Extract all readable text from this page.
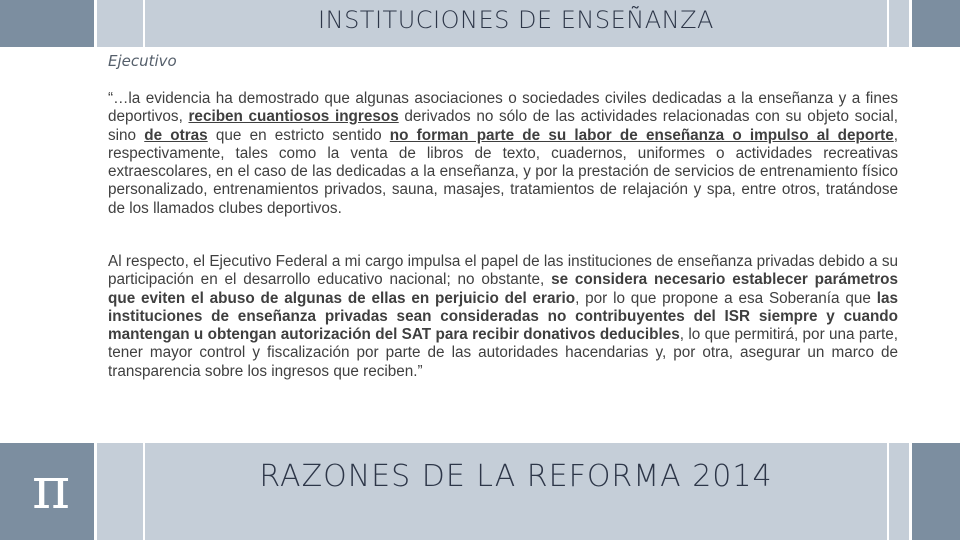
INSTITUCIONES DE ENSEÑANZA
Ejecutivo

“…la evidencia ha demostrado que algunas asociaciones o sociedades civiles dedicadas a la enseñanza y a fines deportivos, reciben cuantiosos ingresos derivados no sólo de las actividades relacionadas con su objeto social, sino de otras que en estricto sentido no forman parte de su labor de enseñanza o impulso al deporte, respectivamente, tales como la venta de libros de texto, cuadernos, uniformes o actividades recreativas extraescolares, en el caso de las dedicadas a la enseñanza, y por la prestación de servicios de entrenamiento físico personalizado, entrenamientos privados, sauna, masajes, tratamientos de relajación y spa, entre otros, tratándose de los llamados clubes deportivos.

Al respecto, el Ejecutivo Federal a mi cargo impulsa el papel de las instituciones de enseñanza privadas debido a su participación en el desarrollo educativo nacional; no obstante, se considera necesario establecer parámetros que eviten el abuso de algunas de ellas en perjuicio del erario, por lo que propone a esa Soberanía que las instituciones de enseñanza privadas sean consideradas no contribuyentes del ISR siempre y cuando mantengan u obtengan autorización del SAT para recibir donativos deducibles, lo que permitirá, por una parte, tener mayor control y fiscalización por parte de las autoridades hacendarias y, por otra, asegurar un marco de transparencia sobre los ingresos que reciben.”

π	RAZONES DE LA REFORMA 2014
